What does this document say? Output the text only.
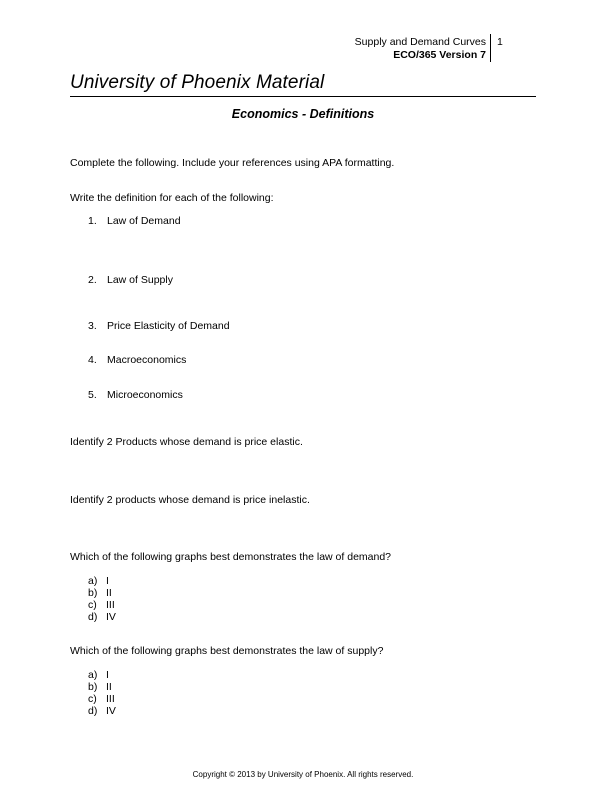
Supply and Demand Curves
ECO/365 Version 7
1
University of Phoenix Material
Economics - Definitions
Complete the following. Include your references using APA formatting.
Write the definition for each of the following:
1. Law of Demand
2. Law of Supply
3. Price Elasticity of Demand
4. Macroeconomics
5. Microeconomics
Identify 2 Products whose demand is price elastic.
Identify 2 products whose demand is price inelastic.
Which of the following graphs best demonstrates the law of demand?
a) I
b) II
c) III
d) IV
Which of the following graphs best demonstrates the law of supply?
a) I
b) II
c) III
d) IV
Copyright © 2013 by University of Phoenix. All rights reserved.
